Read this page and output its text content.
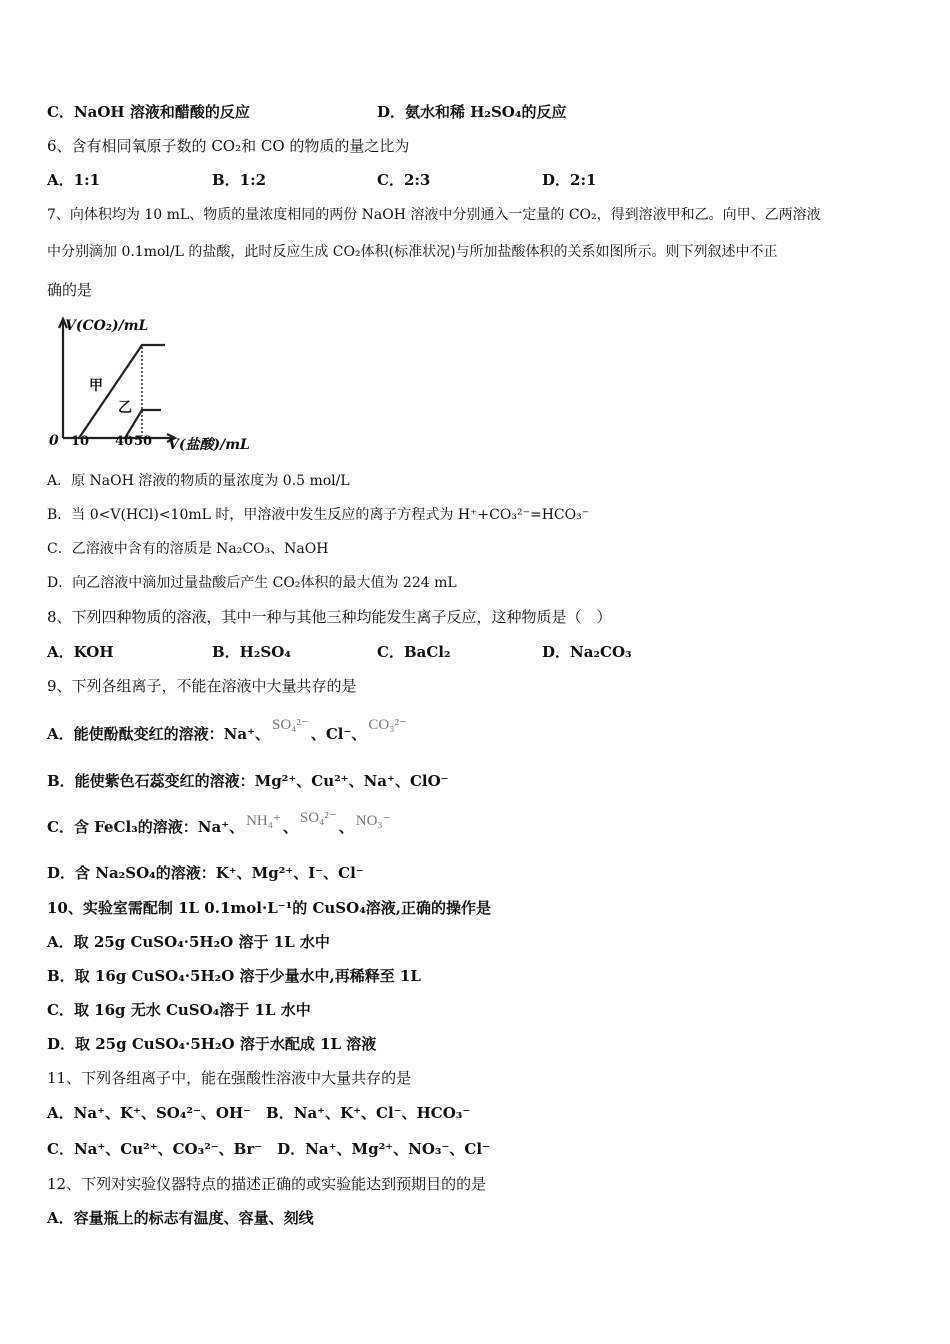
C．NaOH 溶液和醋酸的反应	D．氨水和稀 H₂SO₄的反应
6、含有相同氧原子数的 CO₂和 CO 的物质的量之比为
A．1:1	B．1:2	C．2:3	D．2:1
7、向体积均为 10 mL、物质的量浓度相同的两份 NaOH 溶液中分别通入一定量的 CO₂，得到溶液甲和乙。向甲、乙两溶液
中分别滴加 0.1mol/L 的盐酸，此时反应生成 CO₂体积(标准状况)与所加盐酸体积的关系如图所示。则下列叙述中不正
确的是
V(CO₂)/mL
0 10 40 50 V(盐酸)/mL
甲
乙
A．原 NaOH 溶液的物质的量浓度为 0.5 mol/L
B．当 0<V(HCl)<10mL 时，甲溶液中发生反应的离子方程式为 H⁺+CO₃²⁻=HCO₃⁻
C．乙溶液中含有的溶质是 Na₂CO₃、NaOH
D．向乙溶液中滴加过量盐酸后产生 CO₂体积的最大值为 224 mL
8、下列四种物质的溶液，其中一种与其他三种均能发生离子反应，这种物质是（　）
A．KOH	B．H₂SO₄	C．BaCl₂	D．Na₂CO₃
9、下列各组离子，不能在溶液中大量共存的是
A．能使酚酞变红的溶液：Na⁺、 SO₄²⁻ 、Cl⁻、 CO₃²⁻
B．能使紫色石蕊变红的溶液：Mg²⁺、Cu²⁺、Na⁺、ClO⁻
C．含 FeCl₃的溶液：Na⁺、 NH₄⁺ 、 SO₄²⁻ 、 NO₃⁻
D．含 Na₂SO₄的溶液：K⁺、Mg²⁺、I⁻、Cl⁻
10、实验室需配制 1L 0.1mol·L⁻¹的 CuSO₄溶液,正确的操作是
A．取 25g CuSO₄·5H₂O 溶于 1L 水中
B．取 16g CuSO₄·5H₂O 溶于少量水中,再稀释至 1L
C．取 16g 无水 CuSO₄溶于 1L 水中
D．取 25g CuSO₄·5H₂O 溶于水配成 1L 溶液
11、下列各组离子中，能在强酸性溶液中大量共存的是
A．Na⁺、K⁺、SO₄²⁻、OH⁻　B．Na⁺、K⁺、Cl⁻、HCO₃⁻
C．Na⁺、Cu²⁺、CO₃²⁻、Br⁻　D．Na⁺、Mg²⁺、NO₃⁻、Cl⁻
12、下列对实验仪器特点的描述正确的或实验能达到预期目的的是
A．容量瓶上的标志有温度、容量、刻线
